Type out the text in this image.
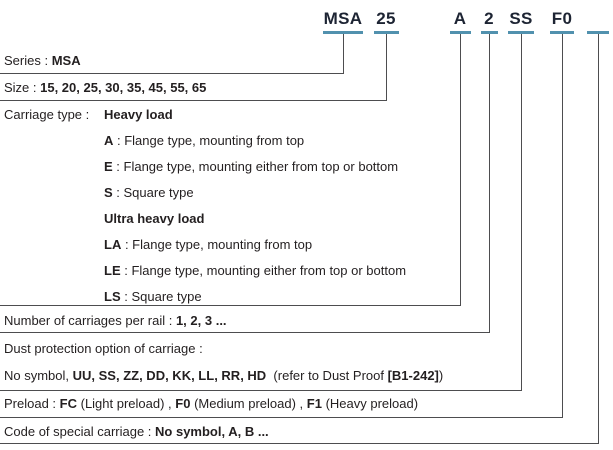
MSA 25	A	2 SS	F0
Series : MSA
Size : 15, 20, 25, 30, 35, 45, 55, 65
Carriage type : Heavy load
A : Flange type, mounting from top
E : Flange type, mounting either from top or bottom
S : Square type
Ultra heavy load
LA : Flange type, mounting from top
LE : Flange type, mounting either from top or bottom
LS : Square type
Number of carriages per rail : 1, 2, 3 ...
Dust protection option of carriage :
No symbol, UU, SS, ZZ, DD, KK, LL, RR, HD  (refer to Dust Proof [B1-242])
Preload : FC (Light preload) , F0 (Medium preload) , F1 (Heavy preload)
Code of special carriage : No symbol, A, B ...
